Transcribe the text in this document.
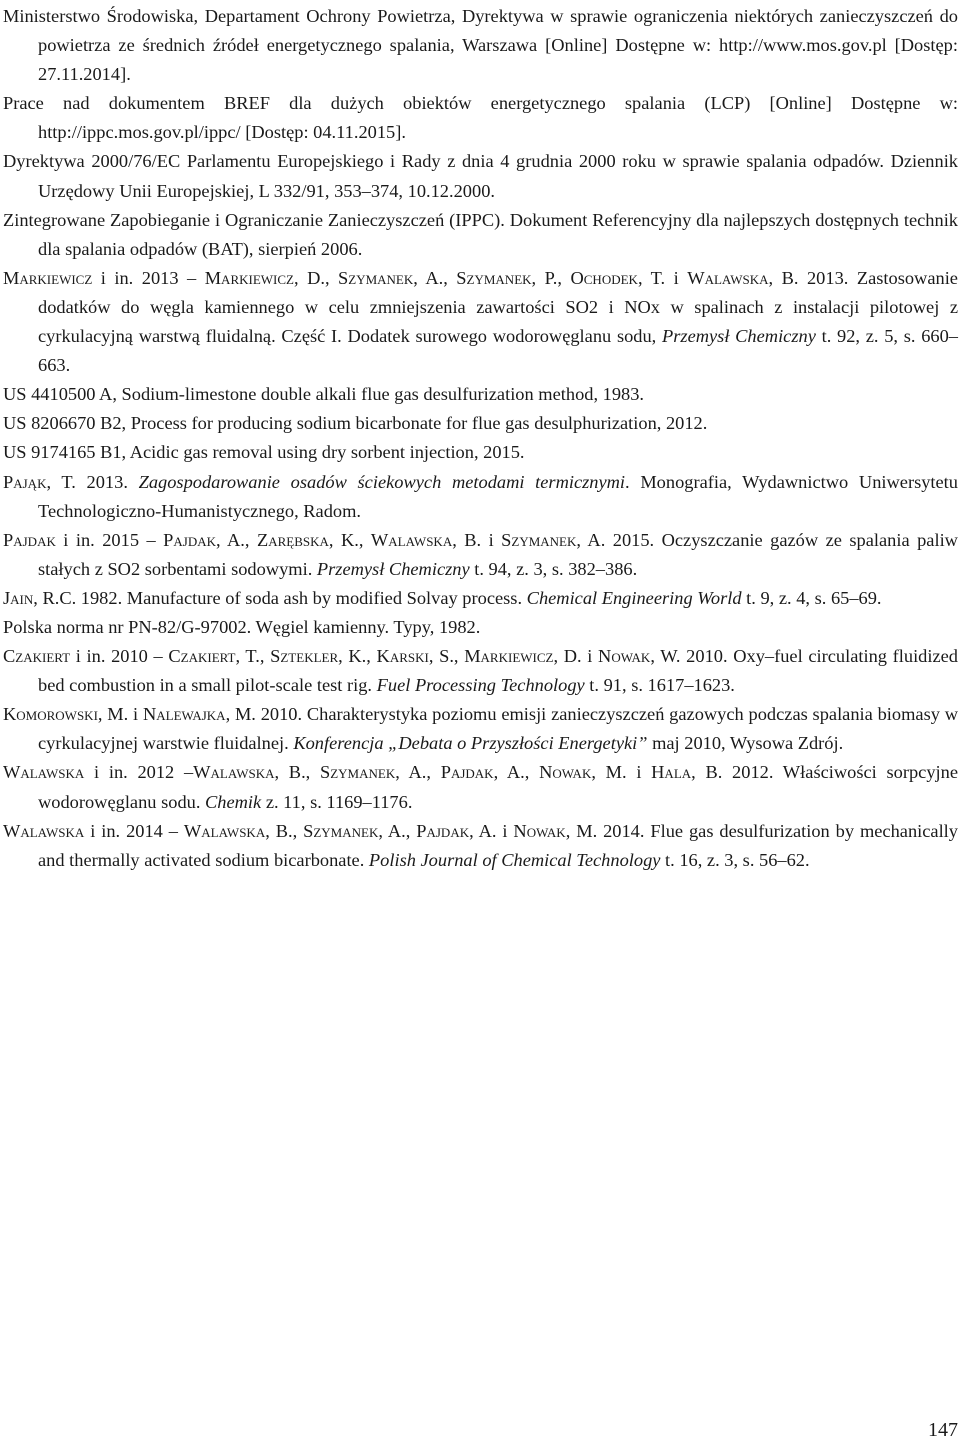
Ministerstwo Środowiska, Departament Ochrony Powietrza, Dyrektywa w sprawie ograniczenia niektórych zanieczyszczeń do powietrza ze średnich źródeł energetycznego spalania, Warszawa [Online] Dostępne w: http://www.mos.gov.pl [Dostęp: 27.11.2014].

Prace nad dokumentem BREF dla dużych obiektów energetycznego spalania (LCP) [Online] Dostępne w: http://ippc.mos.gov.pl/ippc/ [Dostęp: 04.11.2015].

Dyrektywa 2000/76/EC Parlamentu Europejskiego i Rady z dnia 4 grudnia 2000 roku w sprawie spalania odpadów. Dziennik Urzędowy Unii Europejskiej, L 332/91, 353–374, 10.12.2000.

Zintegrowane Zapobieganie i Ograniczanie Zanieczyszczeń (IPPC). Dokument Referencyjny dla najlepszych dostępnych technik dla spalania odpadów (BAT), sierpień 2006.

Markiewicz i in. 2013 – Markiewicz, D., Szymanek, A., Szymanek, P., Ochodek, T. i Walawska, B. 2013. Zastosowanie dodatków do węgla kamiennego w celu zmniejszenia zawartości SO2 i NOx w spalinach z instalacji pilotowej z cyrkulacyjną warstwą fluidalną. Część I. Dodatek surowego wodorowęglanu sodu, Przemysł Chemiczny t. 92, z. 5, s. 660–663.

US 4410500 A, Sodium-limestone double alkali flue gas desulfurization method, 1983.

US 8206670 B2, Process for producing sodium bicarbonate for flue gas desulphurization, 2012.

US 9174165 B1, Acidic gas removal using dry sorbent injection, 2015.

Pająk, T. 2013. Zagospodarowanie osadów ściekowych metodami termicznymi. Monografia, Wydawnictwo Uniwersytetu Technologiczno-Humanistycznego, Radom.

Pajdak i in. 2015 – Pajdak, A., Zarębska, K., Walawska, B. i Szymanek, A. 2015. Oczyszczanie gazów ze spalania paliw stałych z SO2 sorbentami sodowymi. Przemysł Chemiczny t. 94, z. 3, s. 382–386.

Jain, R.C. 1982. Manufacture of soda ash by modified Solvay process. Chemical Engineering World t. 9, z. 4, s. 65–69.

Polska norma nr PN-82/G-97002. Węgiel kamienny. Typy, 1982.

Czakiert i in. 2010 – Czakiert, T., Sztekler, K., Karski, S., Markiewicz, D. i Nowak, W. 2010. Oxy–fuel circulating fluidized bed combustion in a small pilot-scale test rig. Fuel Processing Technology t. 91, s. 1617–1623.

Komorowski, M. i Nalewajka, M. 2010. Charakterystyka poziomu emisji zanieczyszczeń gazowych podczas spalania biomasy w cyrkulacyjnej warstwie fluidalnej. Konferencja „Debata o Przyszłości Energetyki” maj 2010, Wysowa Zdrój.

Walawska i in. 2012 –Walawska, B., Szymanek, A., Pajdak, A., Nowak, M. i Hala, B. 2012. Właściwości sorpcyjne wodorowęglanu sodu. Chemik z. 11, s. 1169–1176.

Walawska i in. 2014 – Walawska, B., Szymanek, A., Pajdak, A. i Nowak, M. 2014. Flue gas desulfurization by mechanically and thermally activated sodium bicarbonate. Polish Journal of Chemical Technology t. 16, z. 3, s. 56–62.

147
